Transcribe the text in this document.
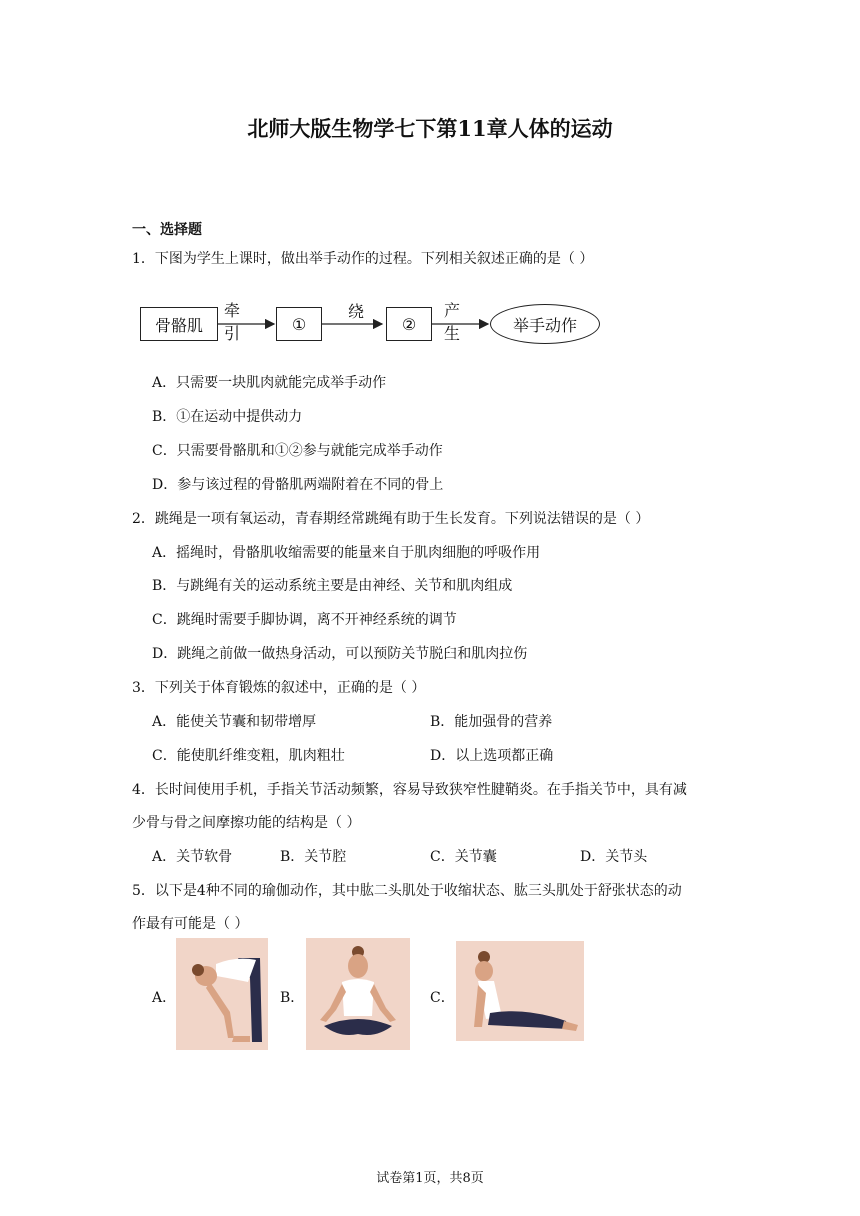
北师大版生物学七下第11章人体的运动
一、选择题
1．下图为学生上课时，做出举手动作的过程。下列相关叙述正确的是（ ）
骨骼肌
牵引	①
绕
②
产生	举手动作
A．只需要一块肌肉就能完成举手动作
B．①在运动中提供动力
C．只需要骨骼肌和①②参与就能完成举手动作
D．参与该过程的骨骼肌两端附着在不同的骨上
2．跳绳是一项有氧运动，青春期经常跳绳有助于生长发育。下列说法错误的是（ ）
A．摇绳时，骨骼肌收缩需要的能量来自于肌肉细胞的呼吸作用
B．与跳绳有关的运动系统主要是由神经、关节和肌肉组成
C．跳绳时需要手脚协调，离不开神经系统的调节
D．跳绳之前做一做热身活动，可以预防关节脱臼和肌肉拉伤
3．下列关于体育锻炼的叙述中，正确的是（ ）
A．能使关节囊和韧带增厚	B．能加强骨的营养
C．能使肌纤维变粗，肌肉粗壮	D．以上选项都正确
4．长时间使用手机，手指关节活动频繁，容易导致狭窄性腱鞘炎。在手指关节中，具有减
少骨与骨之间摩擦功能的结构是（ ）
A．关节软骨	B．关节腔	C．关节囊	D．关节头
5．以下是4种不同的瑜伽动作，其中肱二头肌处于收缩状态、肱三头肌处于舒张状态的动
作最有可能是（ ）
A．	B．	C．
试卷第1页，共8页
